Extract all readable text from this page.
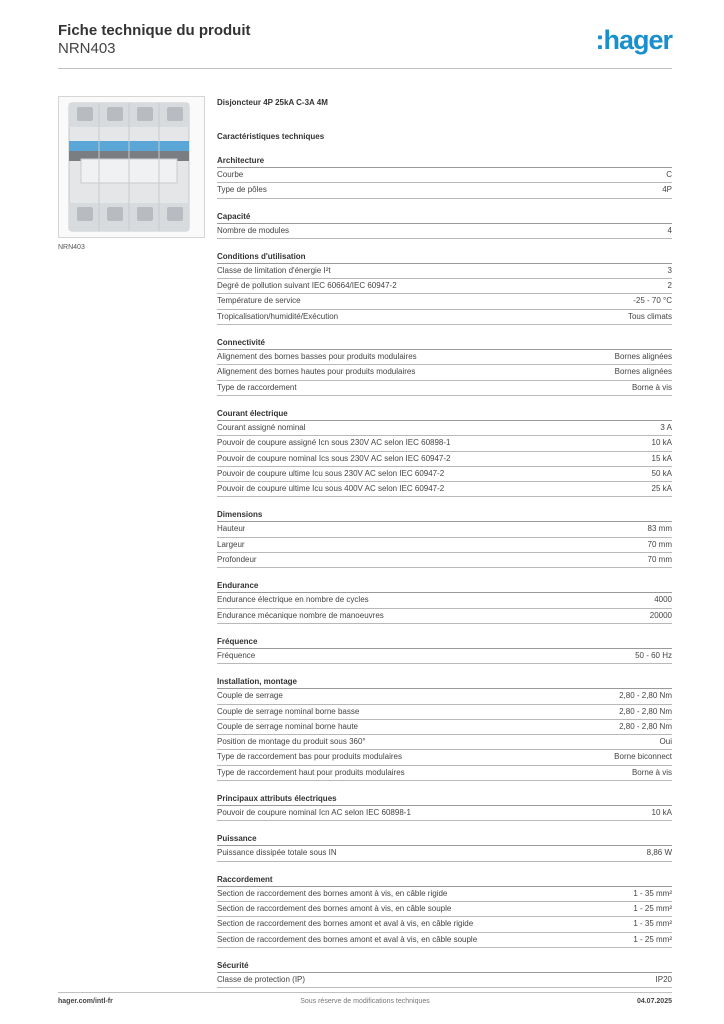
Fiche technique du produit
NRN403	:hager
NRN403
Disjoncteur 4P 25kA C-3A 4M
Caractéristiques techniques
Architecture
Courbe	C
Type de pôles	4P
Capacité
Nombre de modules	4
Conditions d'utilisation
Classe de limitation d'énergie I²t	3
Degré de pollution suivant IEC 60664/IEC 60947-2	2
Température de service	-25 - 70 °C
Tropicalisation/humidité/Exécution	Tous climats
Connectivité
Alignement des bornes basses pour produits modulaires	Bornes alignées
Alignement des bornes hautes pour produits modulaires	Bornes alignées
Type de raccordement	Borne à vis
Courant électrique
Courant assigné nominal	3 A
Pouvoir de coupure assigné Icn sous 230V AC selon IEC 60898-1	10 kA
Pouvoir de coupure nominal Ics sous 230V AC selon IEC 60947-2	15 kA
Pouvoir de coupure ultime Icu sous 230V AC selon IEC 60947-2	50 kA
Pouvoir de coupure ultime Icu sous 400V AC selon IEC 60947-2	25 kA
Dimensions
Hauteur	83 mm
Largeur	70 mm
Profondeur	70 mm
Endurance
Endurance électrique en nombre de cycles	4000
Endurance mécanique nombre de manoeuvres	20000
Fréquence
Fréquence	50 - 60 Hz
Installation, montage
Couple de serrage	2,80 - 2,80 Nm
Couple de serrage nominal borne basse	2,80 - 2,80 Nm
Couple de serrage nominal borne haute	2,80 - 2,80 Nm
Position de montage du produit sous 360°	Oui
Type de raccordement bas pour produits modulaires	Borne biconnect
Type de raccordement haut pour produits modulaires	Borne à vis
Principaux attributs électriques
Pouvoir de coupure nominal Icn AC selon IEC 60898-1	10 kA
Puissance
Puissance dissipée totale sous IN	8,86 W
Raccordement
Section de raccordement des bornes amont à vis, en câble rigide	1 - 35 mm²
Section de raccordement des bornes amont à vis, en câble souple	1 - 25 mm²
Section de raccordement des bornes amont et aval à vis, en câble rigide	1 - 35 mm²
Section de raccordement des bornes amont et aval à vis, en câble souple	1 - 25 mm²
Sécurité
Classe de protection (IP)	IP20
hager.com/intl-fr	Sous réserve de modifications techniques	04.07.2025
